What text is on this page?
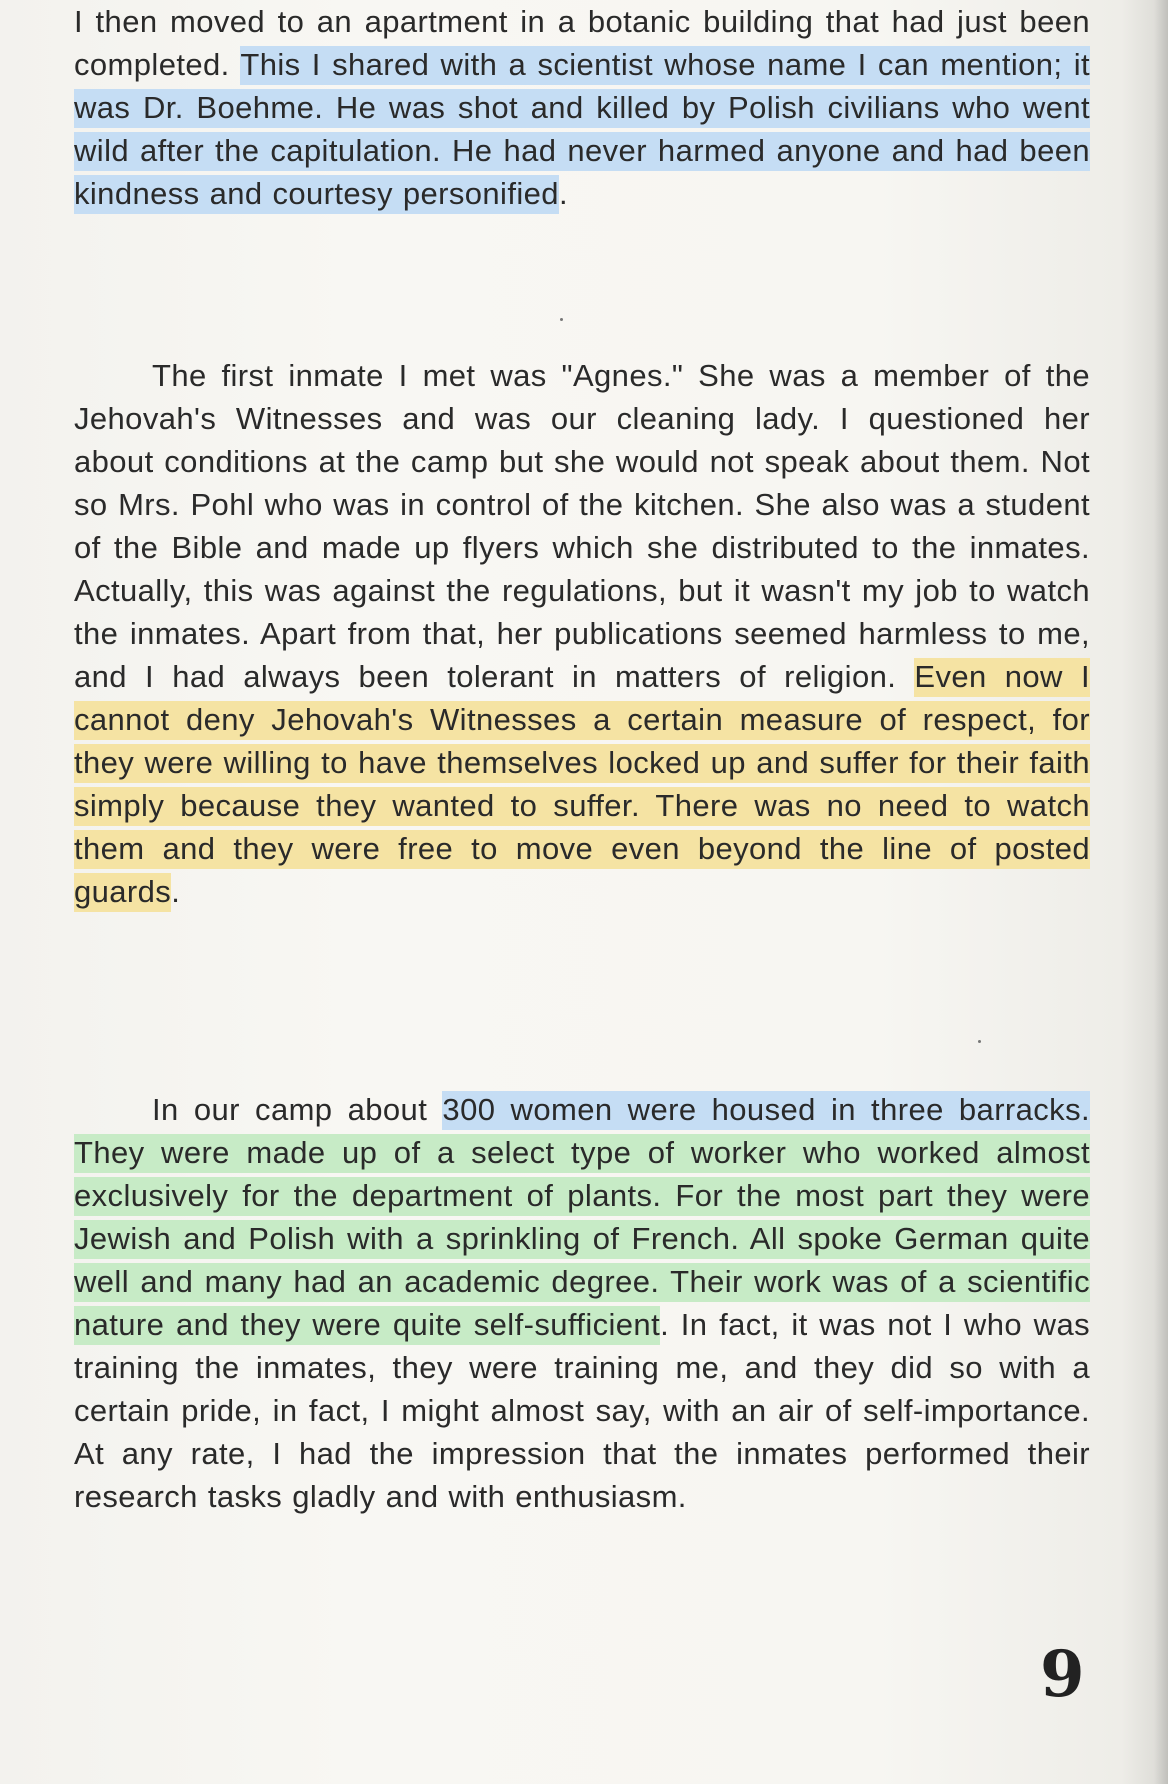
I then moved to an apartment in a botanic building that had just been completed. This I shared with a scientist whose name I can mention; it was Dr. Boehme. He was shot and killed by Polish civilians who went wild after the capitulation. He had never harmed anyone and had been kindness and courtesy personified.

The first inmate I met was "Agnes." She was a member of the Jehovah's Witnesses and was our cleaning lady. I questioned her about conditions at the camp but she would not speak about them. Not so Mrs. Pohl who was in control of the kitchen. She also was a student of the Bible and made up flyers which she distributed to the inmates. Actually, this was against the regulations, but it wasn't my job to watch the inmates. Apart from that, her publications seemed harmless to me, and I had always been tolerant in matters of religion. Even now I cannot deny Jehovah's Witnesses a certain measure of respect, for they were willing to have themselves locked up and suffer for their faith simply because they wanted to suffer. There was no need to watch them and they were free to move even beyond the line of posted guards.

In our camp about 300 women were housed in three barracks. They were made up of a select type of worker who worked almost exclusively for the department of plants. For the most part they were Jewish and Polish with a sprinkling of French. All spoke German quite well and many had an academic degree. Their work was of a scientific nature and they were quite self-sufficient. In fact, it was not I who was training the inmates, they were training me, and they did so with a certain pride, in fact, I might almost say, with an air of self-importance. At any rate, I had the impression that the inmates performed their research tasks gladly and with enthusiasm.

9
